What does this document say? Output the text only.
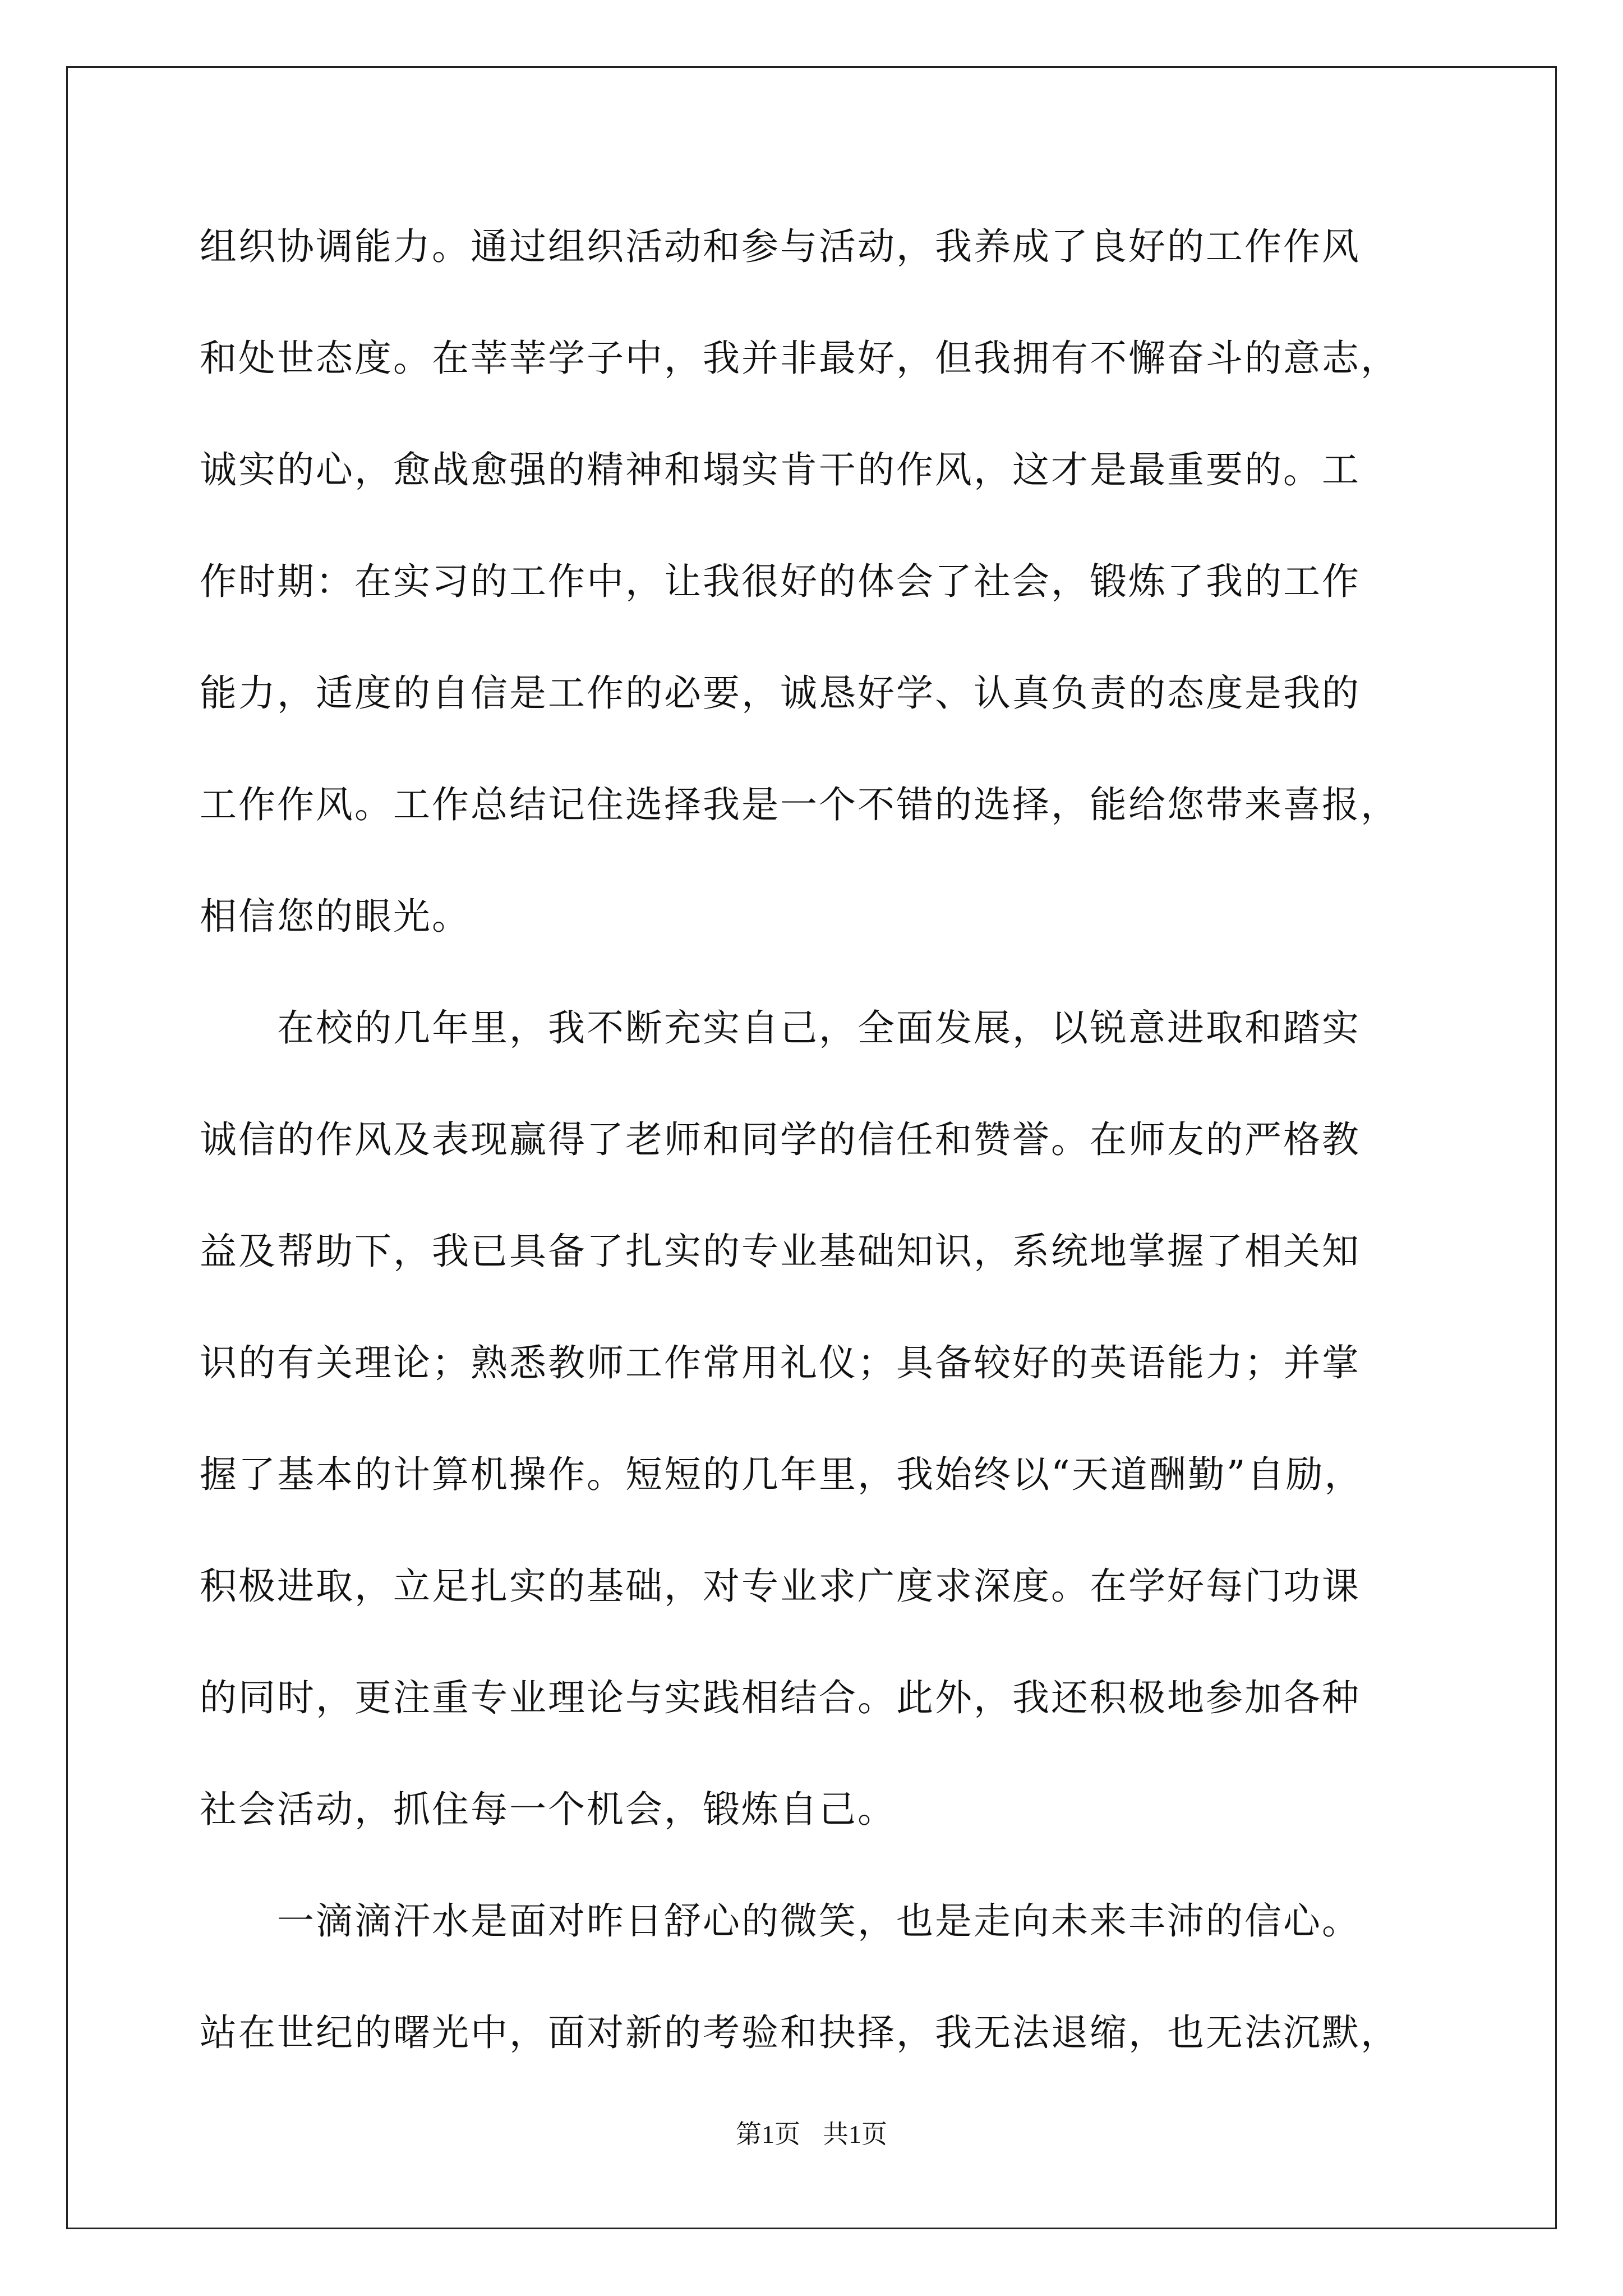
组织协调能力。通过组织活动和参与活动，我养成了良好的工作作风
和处世态度。在莘莘学子中，我并非最好，但我拥有不懈奋斗的意志，
诚实的心，愈战愈强的精神和塌实肯干的作风，这才是最重要的。工
作时期：在实习的工作中，让我很好的体会了社会，锻炼了我的工作
能力，适度的自信是工作的必要，诚恳好学、认真负责的态度是我的
工作作风。工作总结记住选择我是一个不错的选择，能给您带来喜报，
相信您的眼光。
　　在校的几年里，我不断充实自己，全面发展，以锐意进取和踏实
诚信的作风及表现赢得了老师和同学的信任和赞誉。在师友的严格教
益及帮助下，我已具备了扎实的专业基础知识，系统地掌握了相关知
识的有关理论；熟悉教师工作常用礼仪；具备较好的英语能力；并掌
握了基本的计算机操作。短短的几年里，我始终以“天道酬勤”自励，
积极进取，立足扎实的基础，对专业求广度求深度。在学好每门功课
的同时，更注重专业理论与实践相结合。此外，我还积极地参加各种
社会活动，抓住每一个机会，锻炼自己。
　　一滴滴汗水是面对昨日舒心的微笑，也是走向未来丰沛的信心。
站在世纪的曙光中，面对新的考验和抉择，我无法退缩，也无法沉默，
第1页 共1页
